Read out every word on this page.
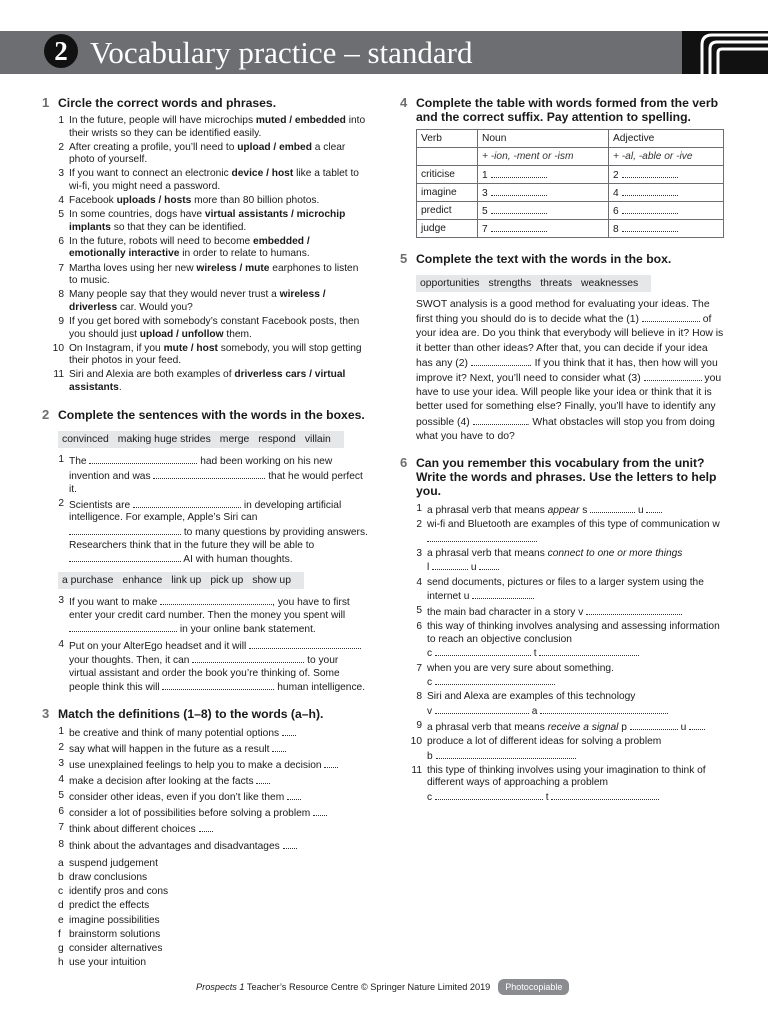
2 Vocabulary practice – standard
1 Circle the correct words and phrases.
1 In the future, people will have microchips muted / embedded into their wrists so they can be identified easily.
2 After creating a profile, you’ll need to upload / embed a clear photo of yourself.
3 If you want to connect an electronic device / host like a tablet to wi-fi, you might need a password.
4 Facebook uploads / hosts more than 80 billion photos.
5 In some countries, dogs have virtual assistants / microchip implants so that they can be identified.
6 In the future, robots will need to become embedded / emotionally interactive in order to relate to humans.
7 Martha loves using her new wireless / mute earphones to listen to music.
8 Many people say that they would never trust a wireless / driverless car. Would you?
9 If you get bored with somebody’s constant Facebook posts, then you should just upload / unfollow them.
10 On Instagram, if you mute / host somebody, you will stop getting their photos in your feed.
11 Siri and Alexia are both examples of driverless cars / virtual assistants.
2 Complete the sentences with the words in the boxes.
convinced making huge strides merge respond villain
1 The	had been working on his new invention and was	that he would perfect it.
2 Scientists are	in developing artificial intelligence. For example, Apple’s Siri can  to many questions by providing answers. Researchers think that in the future they will be able to  AI with human thoughts.
a purchase enhance link up pick up show up
3 If you want to make	, you have to first enter your credit card number. Then the money you spent will  in your online bank statement.
4 Put on your AlterEgo headset and it will  your thoughts. Then, it can	to your virtual assistant and order the book you’re thinking of. Some people think this will	human intelligence.
3 Match the definitions (1–8) to the words (a–h).
1 be creative and think of many potential options
2 say what will happen in the future as a result
3 use unexplained feelings to help you to make a decision
4 make a decision after looking at the facts
5 consider other ideas, even if you don’t like them
6 consider a lot of possibilities before solving a problem
7 think about different choices
8 think about the advantages and disadvantages
a suspend judgement
b draw conclusions
c identify pros and cons
d predict the effects
e imagine possibilities
f brainstorm solutions
g consider alternatives
h use your intuition
4 Complete the table with words formed from the verb and the correct suffix. Pay attention to spelling.
Verb	Noun	Adjective
	+ -ion, -ment or -ism	+ -al, -able or -ive
criticise	1	2
imagine	3	4
predict	5	6
judge	7	8
5 Complete the text with the words in the box.
opportunities strengths threats weaknesses
SWOT analysis is a good method for evaluating your ideas. The first thing you should do is to decide what the (1)	of your idea are. Do you think that everybody will believe in it? How is it better than other ideas? After that, you can decide if your idea has any (2)	. If you think that it has, then how will you improve it? Next, you’ll need to consider what (3)	you have to use your idea. Will people like your idea or think that it is better used for something else? Finally, you’ll have to identify any possible (4)	. What obstacles will stop you from doing what you have to do?
6 Can you remember this vocabulary from the unit? Write the words and phrases. Use the letters to help you.
1 a phrasal verb that means appear s	u
2 wi-fi and Bluetooth are examples of this type of communication w
3 a phrasal verb that means connect to one or more things
l	u
4 send documents, pictures or files to a larger system using the internet u
5 the main bad character in a story v
6 this way of thinking involves analysing and assessing information to reach an objective conclusion
c	t
7 when you are very sure about something.
c
8 Siri and Alexa are examples of this technology
v	a
9 a phrasal verb that means receive a signal p	u
10 produce a lot of different ideas for solving a problem
b
11 this type of thinking involves using your imagination to think of different ways of approaching a problem
c	t
Prospects 1 Teacher’s Resource Centre © Springer Nature Limited 2019 Photocopiable
